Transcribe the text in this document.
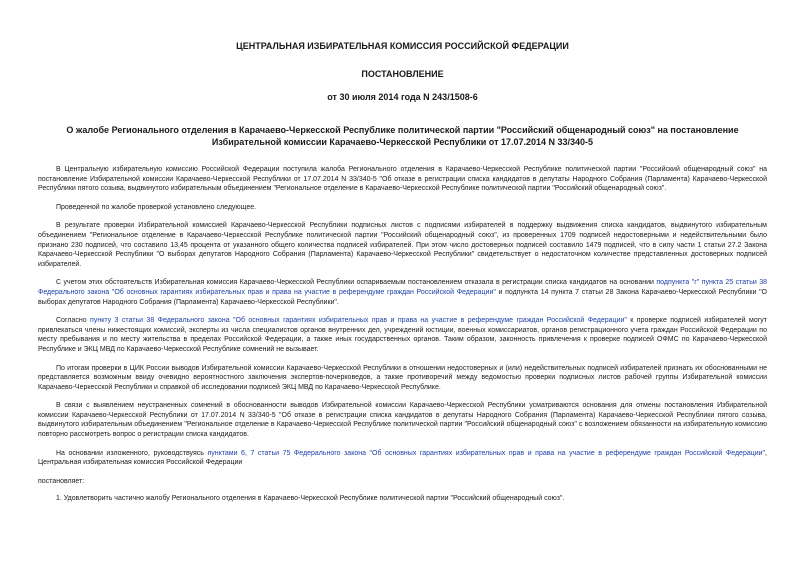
ЦЕНТРАЛЬНАЯ ИЗБИРАТЕЛЬНАЯ КОМИССИЯ РОССИЙСКОЙ ФЕДЕРАЦИИ
ПОСТАНОВЛЕНИЕ
от 30 июля 2014 года N 243/1508-6
О жалобе Регионального отделения в Карачаево-Черкесской Республике политической партии "Российский общенародный союз" на постановление Избирательной комиссии Карачаево-Черкесской Республики от 17.07.2014 N 33/340-5

В Центральную избирательную комиссию Российской Федерации поступила жалоба Регионального отделения в Карачаево-Черкесской Республике политической партии "Российский общенародный союз" на постановление Избирательной комиссии Карачаево-Черкесской Республики от 17.07.2014 N 33/340-5 "Об отказе в регистрации списка кандидатов в депутаты Народного Собрания (Парламента) Карачаево-Черкесской Республики пятого созыва, выдвинутого избирательным объединением "Региональное отделение в Карачаево-Черкесской Республике политической партии "Российский общенародный союз".

Проведенной по жалобе проверкой установлено следующее.

В результате проверки Избирательной комиссией Карачаево-Черкесской Республики подписных листов с подписями избирателей в поддержку выдвижения списка кандидатов, выдвинутого избирательным объединением "Региональное отделение в Карачаево-Черкесской Республике политической партии "Российский общенародный союз", из проверенных 1709 подписей недостоверными и недействительными было признано 230 подписей, что составило 13,45 процента от указанного общего количества подписей избирателей. При этом число достоверных подписей составило 1479 подписей, что в силу части 1 статьи 27.2 Закона Карачаево-Черкесской Республики "О выборах депутатов Народного Собрания (Парламента) Карачаево-Черкесской Республики" свидетельствует о недостаточном количестве представленных достоверных подписей избирателей.

С учетом этих обстоятельств Избирательная комиссия Карачаево-Черкесской Республики оспариваемым постановлением отказала в регистрации списка кандидатов на основании подпункта "г" пункта 25 статьи 38 Федерального закона "Об основных гарантиях избирательных прав и права на участие в референдуме граждан Российской Федерации" и подпункта 14 пункта 7 статьи 28 Закона Карачаево-Черкесской Республики "О выборах депутатов Народного Собрания (Парламента) Карачаево-Черкесской Республики".

Согласно пункту 3 статьи 38 Федерального закона "Об основных гарантиях избирательных прав и права на участие в референдуме граждан Российской Федерации" к проверке подписей избирателей могут привлекаться члены нижестоящих комиссий, эксперты из числа специалистов органов внутренних дел, учреждений юстиции, военных комиссариатов, органов регистрационного учета граждан Российской Федерации по месту пребывания и по месту жительства в пределах Российской Федерации, а также иных государственных органов. Таким образом, законность привлечения к проверке подписей ОФМС по Карачаево-Черкесской Республике и ЭКЦ МВД по Карачаево-Черкесской Республике сомнений не вызывает.

По итогам проверки в ЦИК России выводов Избирательной комиссии Карачаево-Черкесской Республики в отношении недостоверных и (или) недействительных подписей избирателей признать их обоснованными не представляется возможным ввиду очевидно вероятностного заключения экспертов-почерковедов, а также противоречий между ведомостью проверки подписных листов рабочей группы Избирательной комиссии Карачаево-Черкесской Республики и справкой об исследовании подписей ЭКЦ МВД по Карачаево-Черкесской Республике.

В связи с выявлением неустраненных сомнений в обоснованности выводов Избирательной комиссии Карачаево-Черкесской Республики усматриваются основания для отмены постановления Избирательной комиссии Карачаево-Черкесской Республики от 17.07.2014 N 33/340-5 "Об отказе в регистрации списка кандидатов в депутаты Народного Собрания (Парламента) Карачаево-Черкесской Республики пятого созыва, выдвинутого избирательным объединением "Региональное отделение в Карачаево-Черкесской Республике политической партии "Российский общенародный союз" с возложением обязанности на избирательную комиссию повторно рассмотреть вопрос о регистрации списка кандидатов.

На основании изложенного, руководствуясь пунктами 6, 7 статьи 75 Федерального закона "Об основных гарантиях избирательных прав и права на участие в референдуме граждан Российской Федерации", Центральная избирательная комиссия Российской Федерации

постановляет:

1. Удовлетворить частично жалобу Регионального отделения в Карачаево-Черкесской Республике политической партии "Российский общенародный союз".
